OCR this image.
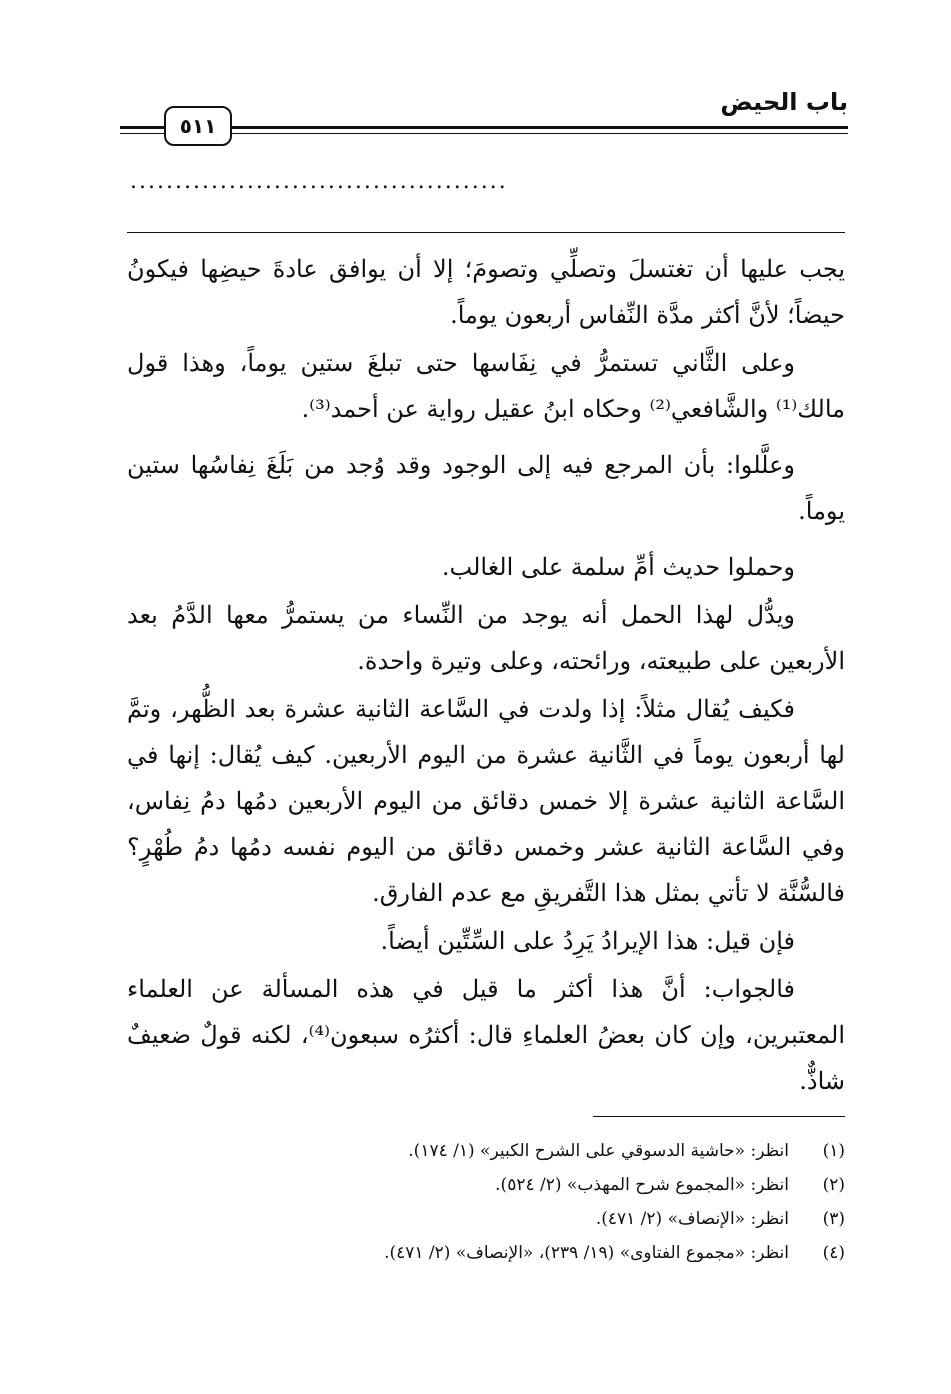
باب الحيض
٥١١
..........................................

يجب عليها أن تغتسلَ وتصلِّي وتصومَ؛ إلا أن يوافق عادةَ حيضِها فيكونُ حيضاً؛ لأنَّ أكثر مدَّة النِّفاس أربعون يوماً.

وعلى الثَّاني تستمرُّ في نِفَاسها حتى تبلغَ ستين يوماً، وهذا قول مالك⁽¹⁾ والشَّافعي⁽²⁾ وحكاه ابنُ عقيل رواية عن أحمد⁽³⁾.

وعلَّلوا: بأن المرجع فيه إلى الوجود وقد وُجد من بَلَغَ نِفاسُها ستين يوماً.

وحملوا حديث أمِّ سلمة على الغالب.

ويدُّل لهذا الحمل أنه يوجد من النِّساء من يستمرُّ معها الدَّمُ بعد الأربعين على طبيعته، ورائحته، وعلى وتيرة واحدة.

فكيف يُقال مثلاً: إذا ولدت في السَّاعة الثانية عشرة بعد الظُّهر، وتمَّ لها أربعون يوماً في الثَّانية عشرة من اليوم الأربعين. كيف يُقال: إنها في السَّاعة الثانية عشرة إلا خمس دقائق من اليوم الأربعين دمُها دمُ نِفاس، وفي السَّاعة الثانية عشر وخمس دقائق من اليوم نفسه دمُها دمُ طُهْرٍ؟ فالسُّنَّة لا تأتي بمثل هذا التَّفريقِ مع عدم الفارق.

فإن قيل: هذا الإيرادُ يَرِدُ على السِّتِّين أيضاً.

فالجواب: أنَّ هذا أكثر ما قيل في هذه المسألة عن العلماء المعتبرين، وإن كان بعضُ العلماءِ قال: أكثرُه سبعون⁽⁴⁾، لكنه قولٌ ضعيفٌ شاذٌّ.

(١)
انظر: «حاشية الدسوقي على الشرح الكبير» (١/ ١٧٤).
(٢)
انظر: «المجموع شرح المهذب» (٢/ ٥٢٤).
(٣)
انظر: «الإنصاف» (٢/ ٤٧١).
(٤)
انظر: «مجموع الفتاوى» (١٩/ ٢٣٩)، «الإنصاف» (٢/ ٤٧١).
